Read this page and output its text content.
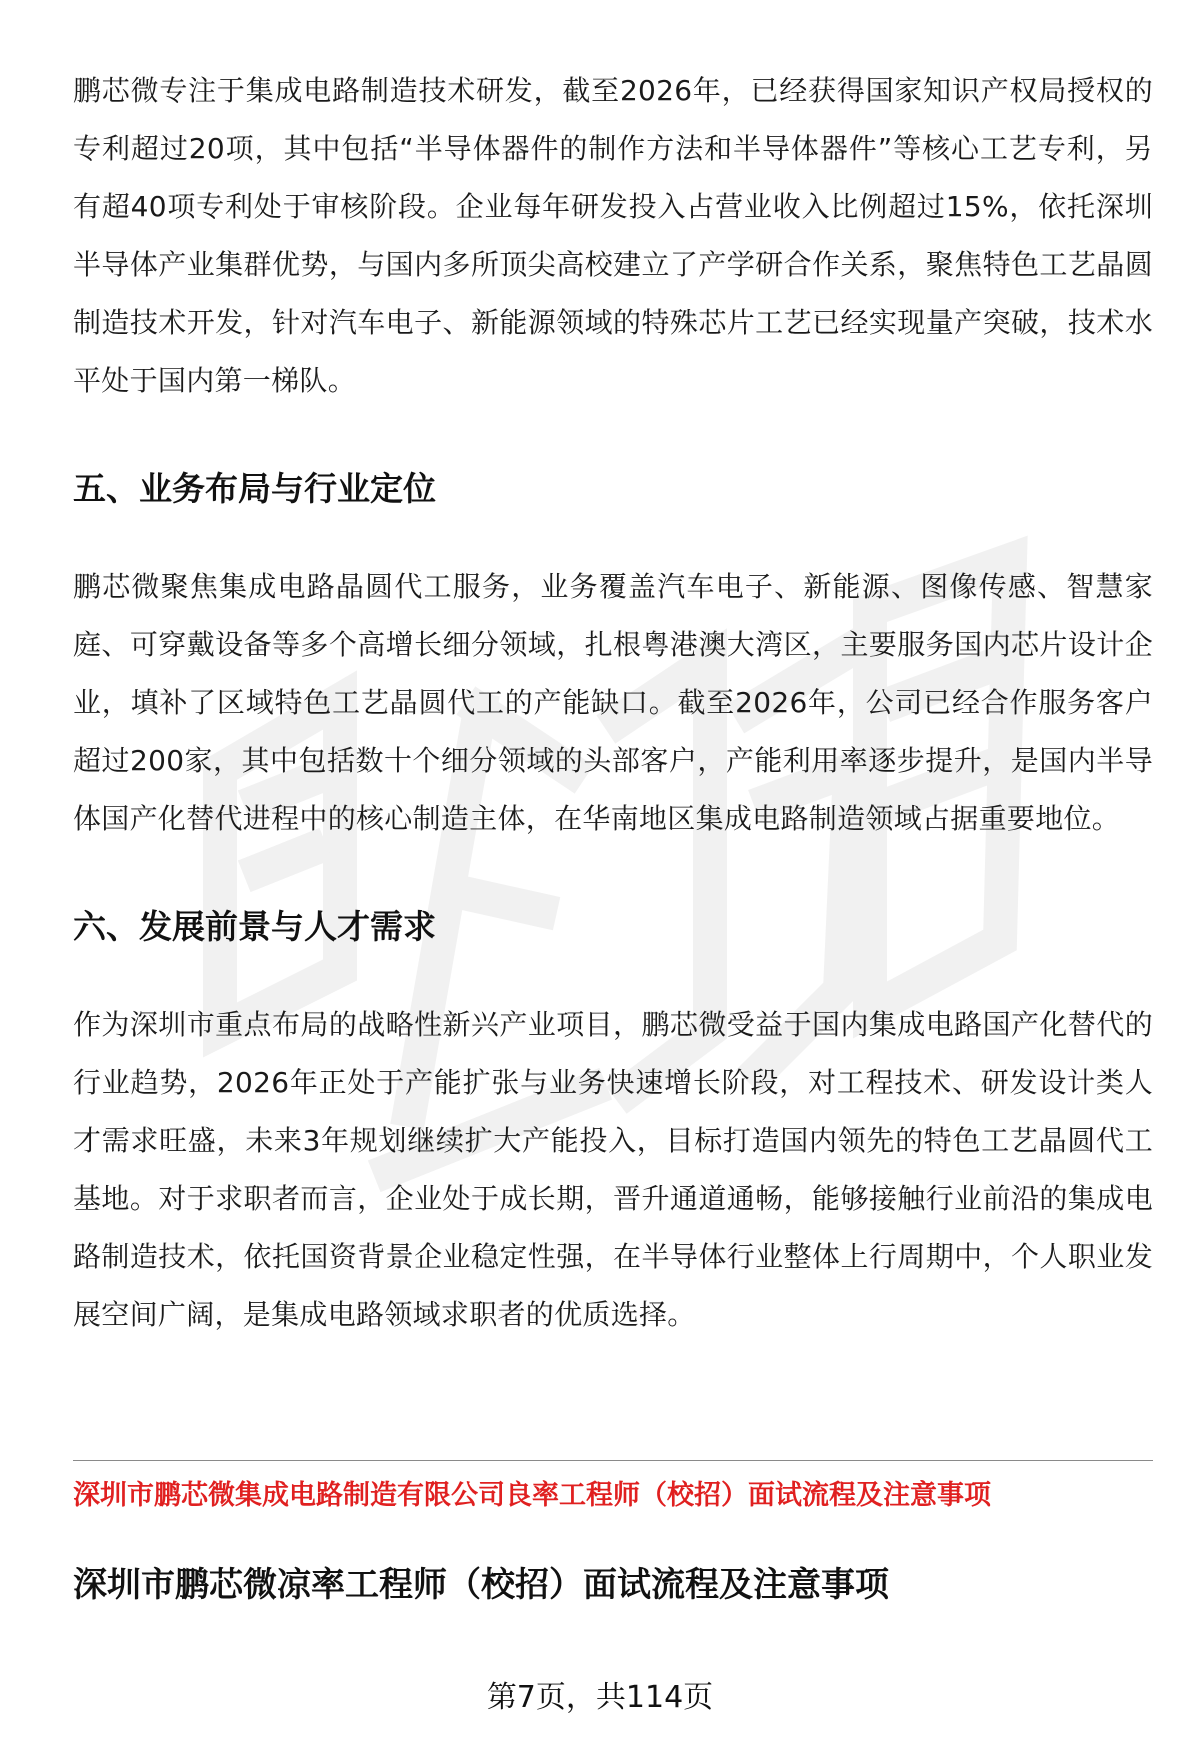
鹏芯微专注于集成电路制造技术研发，截至2026年，已经获得国家知识产权局授权的专利超过20项，其中包括“半导体器件的制作方法和半导体器件”等核心工艺专利，另有超40项专利处于审核阶段。企业每年研发投入占营业收入比例超过15%，依托深圳半导体产业集群优势，与国内多所顶尖高校建立了产学研合作关系，聚焦特色工艺晶圆制造技术开发，针对汽车电子、新能源领域的特殊芯片工艺已经实现量产突破，技术水平处于国内第一梯队。

五、业务布局与行业定位

鹏芯微聚焦集成电路晶圆代工服务，业务覆盖汽车电子、新能源、图像传感、智慧家庭、可穿戴设备等多个高增长细分领域，扎根粤港澳大湾区，主要服务国内芯片设计企业，填补了区域特色工艺晶圆代工的产能缺口。截至2026年，公司已经合作服务客户超过200家，其中包括数十个细分领域的头部客户，产能利用率逐步提升，是国内半导体国产化替代进程中的核心制造主体，在华南地区集成电路制造领域占据重要地位。

六、发展前景与人才需求

作为深圳市重点布局的战略性新兴产业项目，鹏芯微受益于国内集成电路国产化替代的行业趋势，2026年正处于产能扩张与业务快速增长阶段，对工程技术、研发设计类人才需求旺盛，未来3年规划继续扩大产能投入，目标打造国内领先的特色工艺晶圆代工基地。对于求职者而言，企业处于成长期，晋升通道通畅，能够接触行业前沿的集成电路制造技术，依托国资背景企业稳定性强，在半导体行业整体上行周期中，个人职业发展空间广阔，是集成电路领域求职者的优质选择。

深圳市鹏芯微集成电路制造有限公司良率工程师（校招）面试流程及注意事项
深圳市鹏芯微凉率工程师（校招）面试流程及注意事项
第7页，共114页
